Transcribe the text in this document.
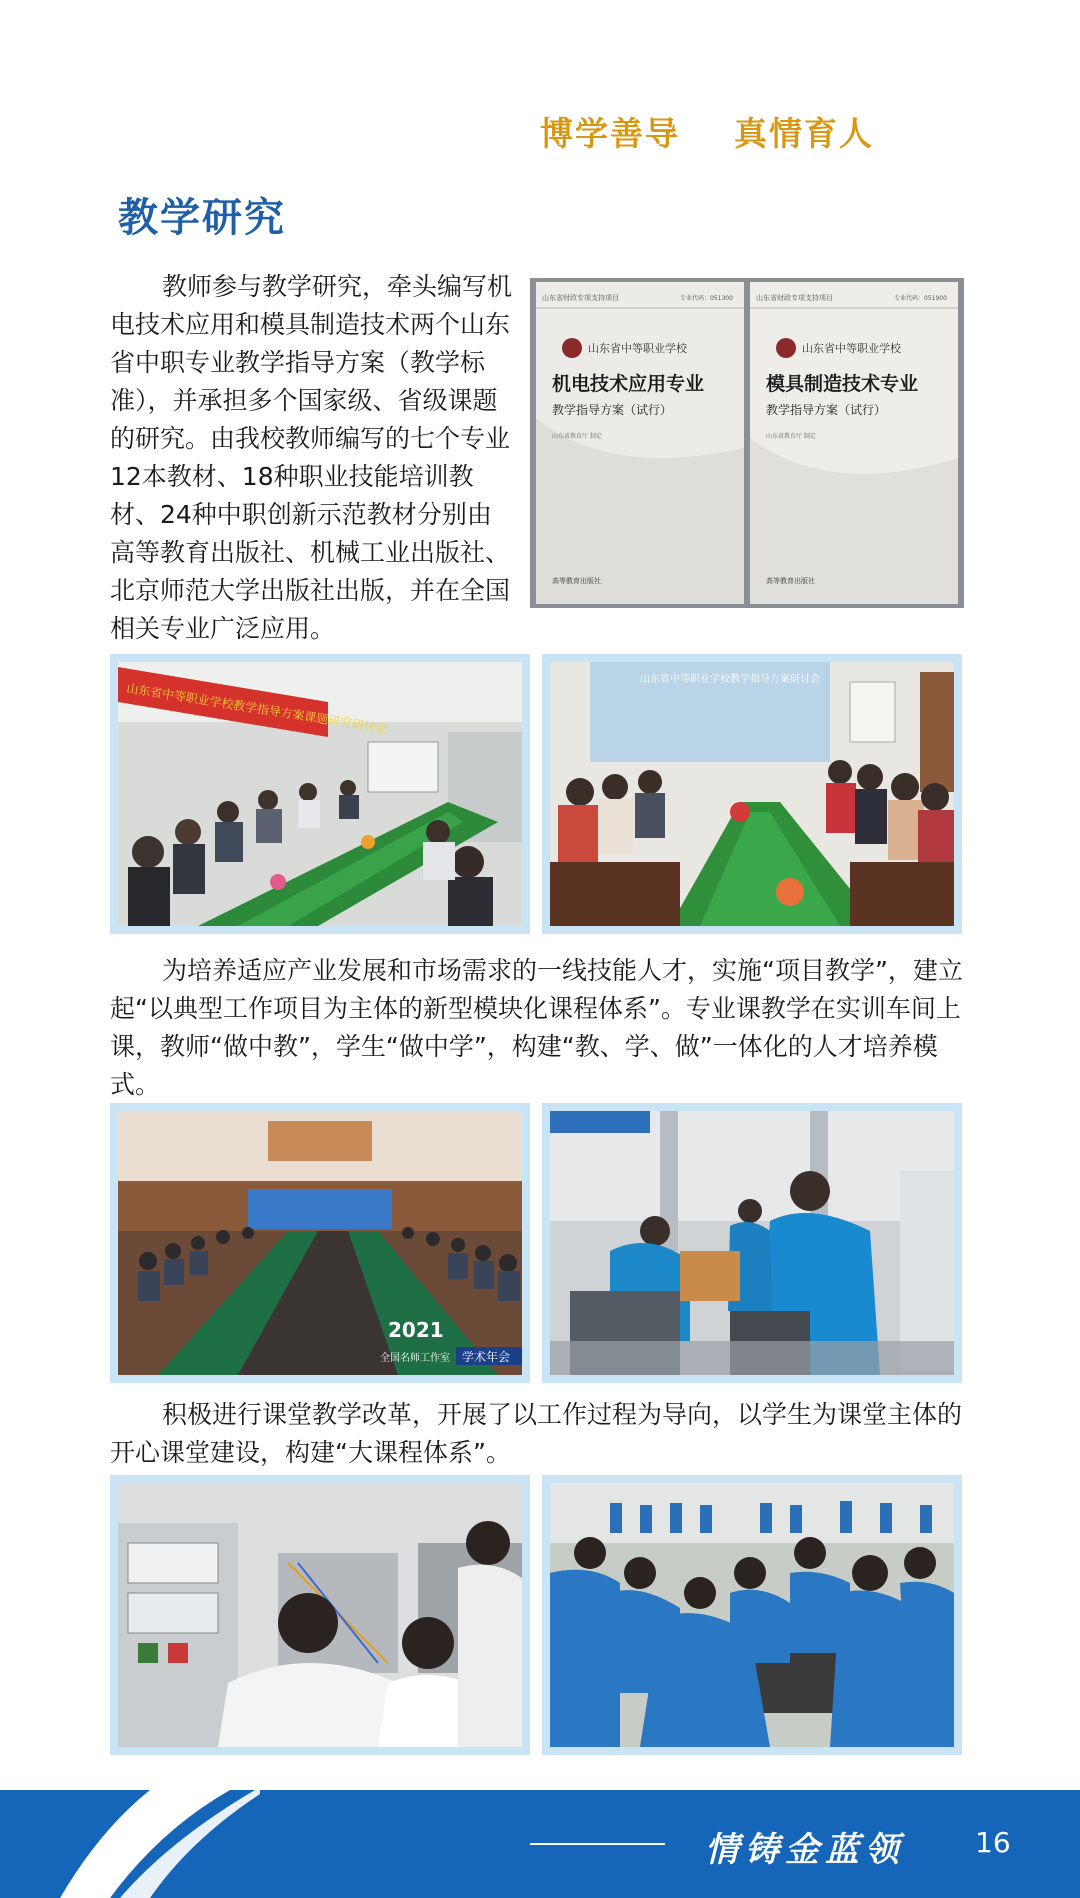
博学善导    真情育人
教学研究

教师参与教学研究，牵头编写机电技术应用和模具制造技术两个山东省中职专业教学指导方案（教学标准），并承担多个国家级、省级课题的研究。由我校教师编写的七个专业12本教材、18种职业技能培训教材、24种中职创新示范教材分别由高等教育出版社、机械工业出版社、北京师范大学出版社出版，并在全国相关专业广泛应用。

山东省财政专项支持项目	专业代码：051300
山东省中等职业学校
机电技术应用专业
教学指导方案（试行）
山东省教育厅 制定
高等教育出版社
山东省财政专项支持项目	专业代码：051900
山东省中等职业学校
模具制造技术专业
教学指导方案（试行）
山东省教育厅 制定
高等教育出版社
山东省中等职业学校教学指导方案课题研究研讨会
山东省中等职业学校教学指导方案研讨会

为培养适应产业发展和市场需求的一线技能人才，实施“项目教学”，建立起“以典型工作项目为主体的新型模块化课程体系”。专业课教学在实训车间上课，教师“做中教”，学生“做中学”，构建“教、学、做”一体化的人才培养模式。

2021
全国名师工作室 学术年会

积极进行课堂教学改革，开展了以工作过程为导向，以学生为课堂主体的开心课堂建设，构建“大课程体系”。

情铸金蓝领	16
